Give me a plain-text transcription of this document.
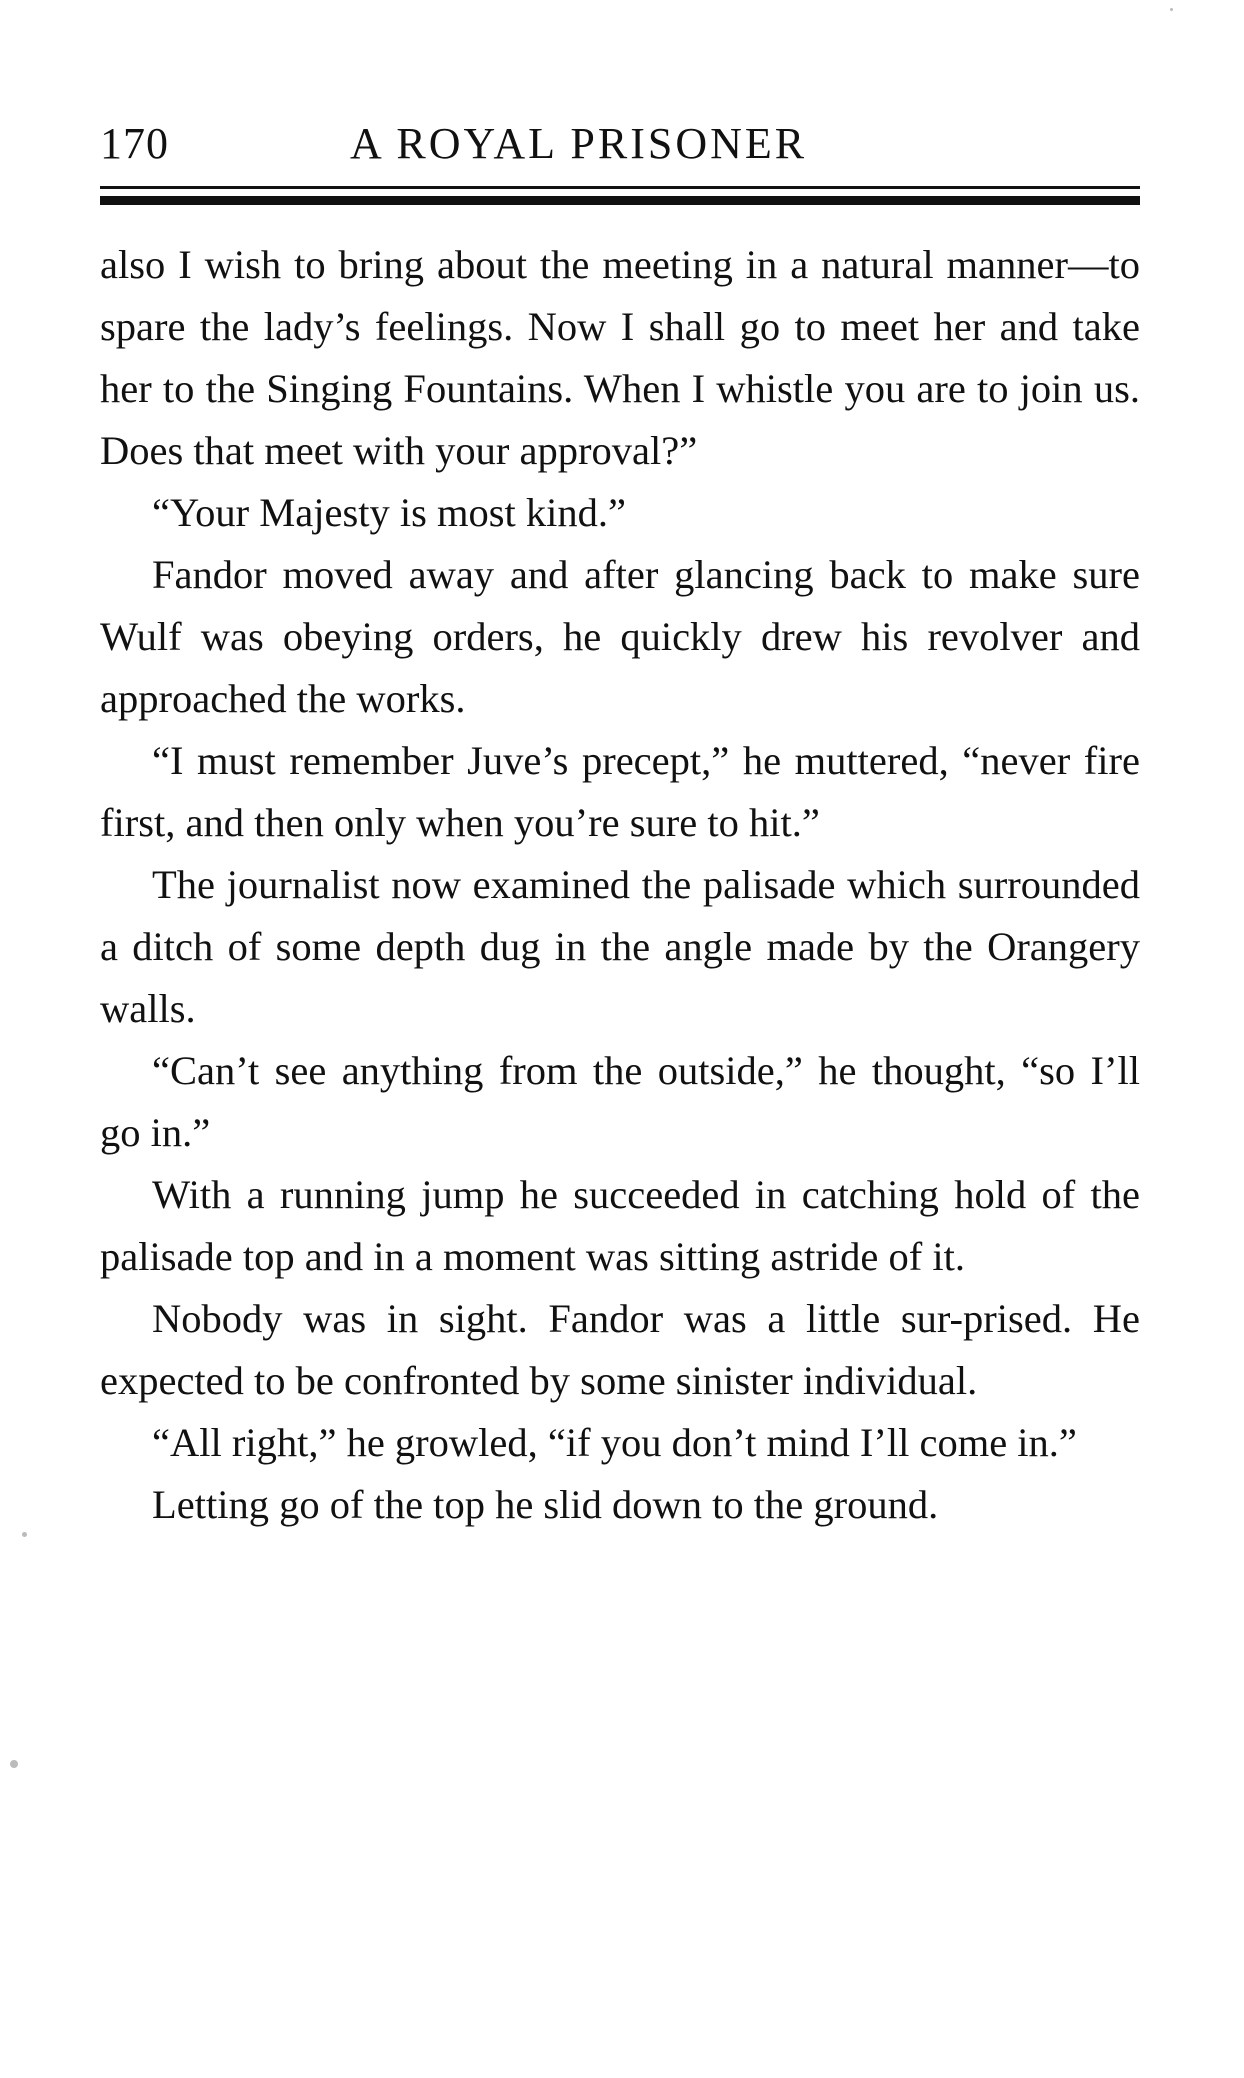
170	A ROYAL PRISONER

also I wish to bring about the meeting in a natural manner—to spare the lady’s feelings. Now I shall go to meet her and take her to the Singing Fountains. When I whistle you are to join us. Does that meet with your approval?”

“Your Majesty is most kind.”

Fandor moved away and after glancing back to make sure Wulf was obeying orders, he quickly drew his revolver and approached the works.

“I must remember Juve’s precept,” he muttered, “never fire first, and then only when you’re sure to hit.”

The journalist now examined the palisade which surrounded a ditch of some depth dug in the angle made by the Orangery walls.

“Can’t see anything from the outside,” he thought, “so I’ll go in.”

With a running jump he succeeded in catching hold of the palisade top and in a moment was sitting astride of it.

Nobody was in sight. Fandor was a little sur-prised. He expected to be confronted by some sinister individual.

“All right,” he growled, “if you don’t mind I’ll come in.”

Letting go of the top he slid down to the ground.
